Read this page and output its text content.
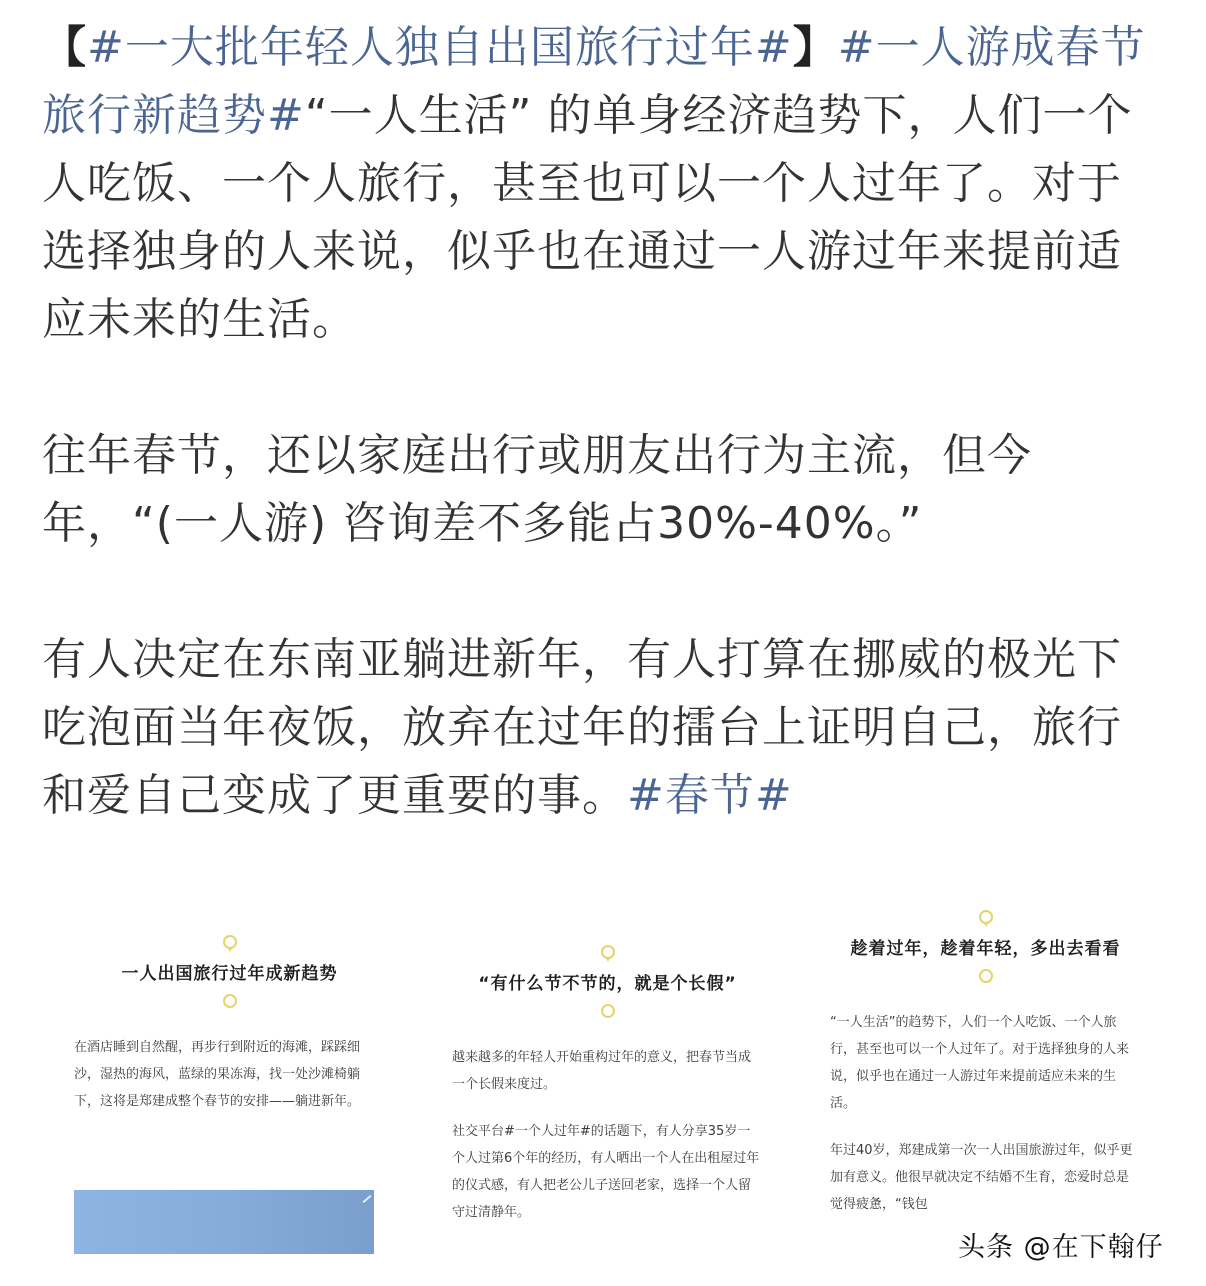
【#一大批年轻人独自出国旅行过年#】#一人游成春节旅行新趋势#“一人生活” 的单身经济趋势下，人们一个人吃饭、一个人旅行，甚至也可以一个人过年了。对于选择独身的人来说，似乎也在通过一人游过年来提前适应未来的生活。

往年春节，还以家庭出行或朋友出行为主流，但今年，“(一人游) 咨询差不多能占30%-40%。”

有人决定在东南亚躺进新年，有人打算在挪威的极光下吃泡面当年夜饭，放弃在过年的擂台上证明自己，旅行和爱自己变成了更重要的事。#春节#

一人出国旅行过年成新趋势

在酒店睡到自然醒，再步行到附近的海滩，踩踩细沙，湿热的海风，蓝绿的果冻海，找一处沙滩椅躺下，这将是郑建成整个春节的安排——躺进新年。

“有什么节不节的，就是个长假”

越来越多的年轻人开始重构过年的意义，把春节当成一个长假来度过。

社交平台#一个人过年#的话题下，有人分享35岁一个人过第6个年的经历，有人晒出一个人在出租屋过年的仪式感，有人把老公儿子送回老家，选择一个人留守过清静年。

趁着过年，趁着年轻，多出去看看

“一人生活”的趋势下，人们一个人吃饭、一个人旅行，甚至也可以一个人过年了。对于选择独身的人来说，似乎也在通过一人游过年来提前适应未来的生活。

年过40岁，郑建成第一次一人出国旅游过年，似乎更加有意义。他很早就决定不结婚不生育，恋爱时总是觉得疲惫，“钱包

头条 @在下翰仔
